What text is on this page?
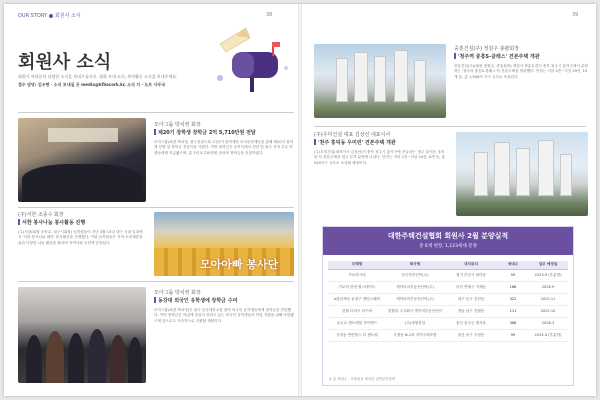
OUR STORY 회원사 소식	38
회원사 소식
회원사 여러분의 다양한 소식을 보내주십시오. 협회 사내 소식, 봉사활동 소식을 보내주세요.
접수 담당: 김우현 · 소식 보내실 곳 media@kfhacork.kr, 소식 지 · 도트 사무국
모아그룹 박치영 회장
제20기 장학생 장학금 2억 5,710만원 전달
모아그룹(회장 박치영, 광주전남도회 고문)이 장학재단 모아문화재단을 통해 제20기 장학생 선발 및 장학금 전달식을 가졌다. 이번 장학금은 수여식에서 전남 및 광주 지역 우수 학생들에게 지급됐으며, 총 2억 5,710만원 상당의 장학금을 전달하였다.
(주)서한 조종수 회장
서한 봉사나눔 봉사활동 진행
(주)서한(회장 조종수, 대구시회장) 임직원들이 지난 3월 15일 대구 시내 일대에서 '서한 봉사나눔 데이' 봉사활동을 진행했다. 이날 임직원들은 지역 소외계층을 위한 다양한 나눔 활동을 펼치며 지역사회 공헌에 앞장섰다.
모아아빠 봉사단
모아그룹 박치영 회장
동강대 외국인 유학생에 장학금 수여
모아그룹(회장 박치영)은 광주 동강대학교를 찾아 외국인 유학생들에게 장학금을 전달했다. 이번 장학금은 학업에 성실히 임하고 있는 외국인 유학생들의 학업 지원을 위해 마련됐으며 앞으로도 지속적으로 지원할 계획이다.
39
중흥건설(주) 정원주 총괄회장
'청주역 중흥S-클래스' 견본주택 개관
중흥건설(주)(회장 정원주, 중흥회장) 계열사 중흥토건이 충북 청주시 흥덕구에서 분양하는 '청주역 중흥S-클래스'의 견본주택을 개관했다. 단지는 지하 2층~지상 29층, 10개 동, 총 1,500여 가구 규모로 조성된다.
(주)우미건설 대표 김상선 대표이사
'천주 흥덕동 우미린' 견본주택 개관
(주)우미건설(대표이사 김상선)이 충북 청주시 흥덕구에 공급하는 '천주 흥덕동 우미린'의 견본주택을 열고 본격 분양에 나섰다. 단지는 지하 2층~지상 24층, 6개 동, 총 520가구 규모로 조성될 예정이다.
대한주택건설협회 회원사 2월 분양실적
총 6개 현장, 1,123세대 분양
주택명	회사명	대지위치	세대수	입주 예정일
가로야시티	한국자산신탁(주)	경기 부천시 원미동	55	2023.9 (후분양)
가로야 한양 힐스테이트	케이티씨부동산신탁(주)	부산 연제구 거제동	168	2026.9
e편한세상 동대구 센텀스퀘어	케이티씨부동산신탁(주)	대구 동구 신천동	322	2025.11
한월 더리브 어드바	한월대 주식회사 케이비부동산신탁	경남 남구 진월동	111	2025.10
운수로 센트레빌 하이엔드	(주)대명건설	울산 울주군 범서읍	368	2028.3
우정동 반얀힐스 더 센트럴	우정동 N-1차 지역주택조합	울산 중구 우정동	99	2024.4 (후분양)
※ 총 세대수 : 조합원을 제외한 일반분양물량
